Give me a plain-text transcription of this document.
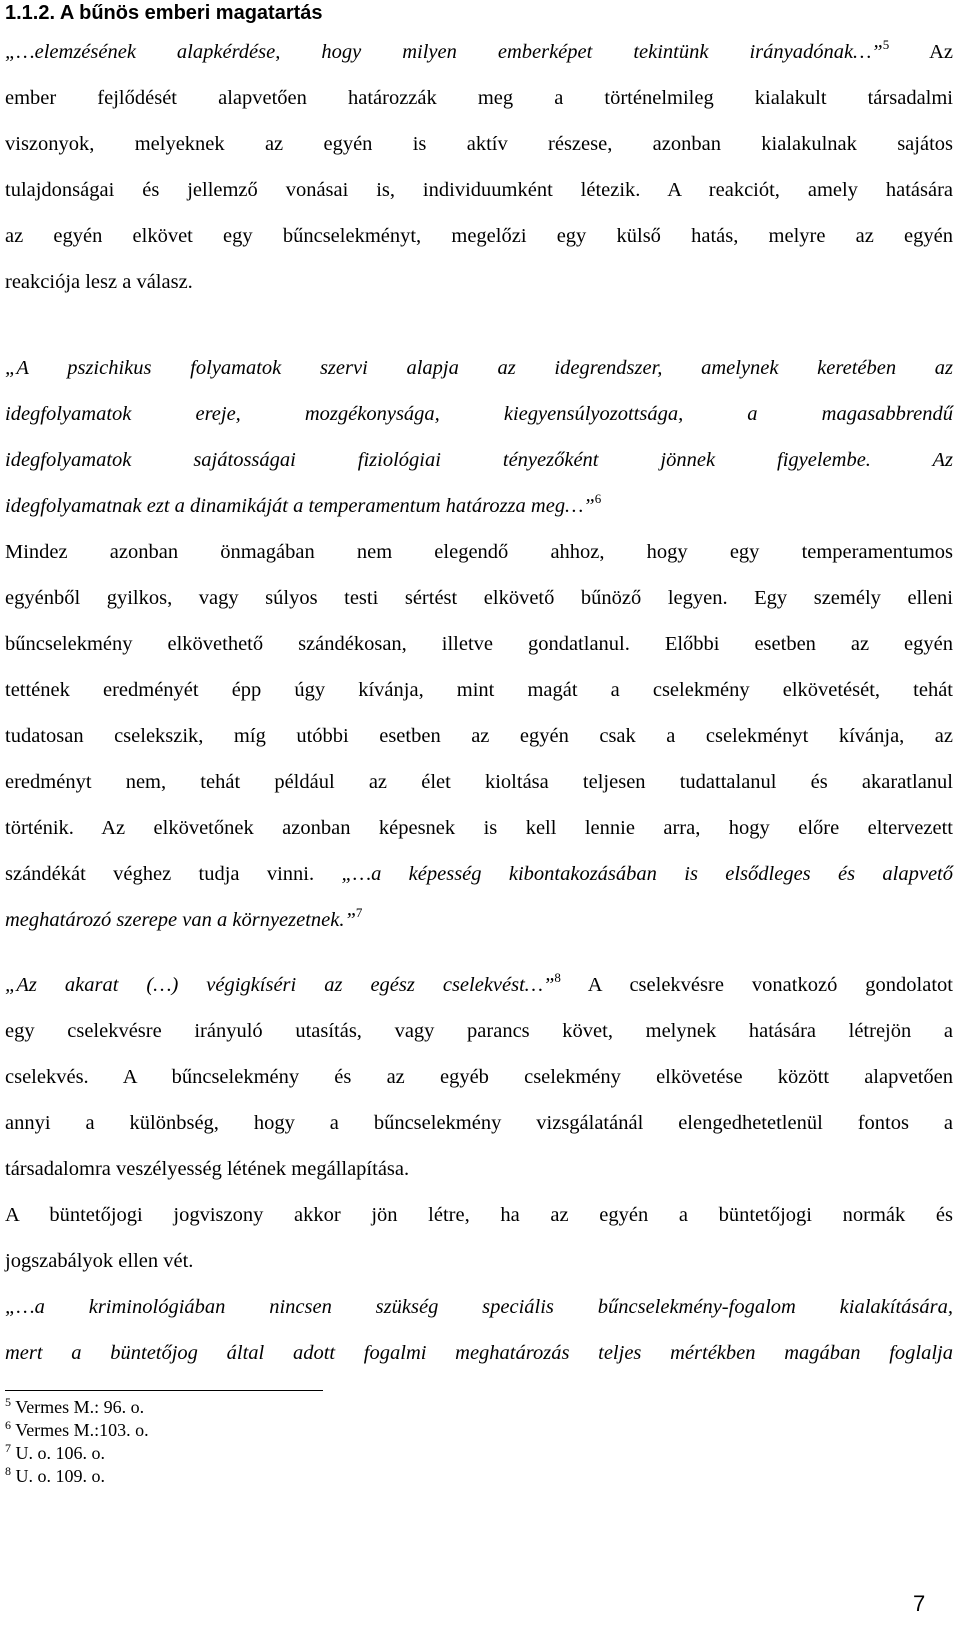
1.1.2. A bűnös emberi magatartás
„…elemzésének alapkérdése, hogy milyen emberképet tekintünk irányadónak…”$^5$ Az
ember fejlődését alapvetően határozzák meg a történelmileg kialakult társadalmi
viszonyok, melyeknek az egyén is aktív részese, azonban kialakulnak sajátos
tulajdonságai és jellemző vonásai is, individuumként létezik. A reakciót, amely hatására
az egyén elkövet egy bűncselekményt, megelőzi egy külső hatás, melyre az egyén
reakciója lesz a válasz.
„A pszichikus folyamatok szervi alapja az idegrendszer, amelynek keretében az
idegfolyamatok ereje, mozgékonysága, kiegyensúlyozottsága, a magasabbrendű
idegfolyamatok sajátosságai fiziológiai tényezőként jönnek figyelembe. Az
idegfolyamatnak ezt a dinamikáját a temperamentum határozza meg…”$^6$
Mindez azonban önmagában nem elegendő ahhoz, hogy egy temperamentumos
egyénből gyilkos, vagy súlyos testi sértést elkövető bűnöző legyen. Egy személy elleni
bűncselekmény elkövethető szándékosan, illetve gondatlanul. Előbbi esetben az egyén
tettének eredményét épp úgy kívánja, mint magát a cselekmény elkövetését, tehát
tudatosan cselekszik, míg utóbbi esetben az egyén csak a cselekményt kívánja, az
eredményt nem, tehát például az élet kioltása teljesen tudattalanul és akaratlanul
történik. Az elkövetőnek azonban képesnek is kell lennie arra, hogy előre eltervezett
szándékát véghez tudja vinni. „…a képesség kibontakozásában is elsődleges és alapvető
meghatározó szerepe van a környezetnek.”$^7$
„Az akarat (…) végigkíséri az egész cselekvést…”$^8$ A cselekvésre vonatkozó gondolatot
egy cselekvésre irányuló utasítás, vagy parancs követ, melynek hatására létrejön a
cselekvés. A bűncselekmény és az egyéb cselekmény elkövetése között alapvetően
annyi a különbség, hogy a bűncselekmény vizsgálatánál elengedhetetlenül fontos a
társadalomra veszélyesség létének megállapítása.
A büntetőjogi jogviszony akkor jön létre, ha az egyén a büntetőjogi normák és
jogszabályok ellen vét.
„…a kriminológiában nincsen szükség speciális bűncselekmény-fogalom kialakítására,
mert a büntetőjog által adott fogalmi meghatározás teljes mértékben magában foglalja
$^5$ Vermes M.: 96. o.
$^6$ Vermes M.:103. o.
$^7$ U. o. 106. o.
$^8$ U. o. 109. o.
7
